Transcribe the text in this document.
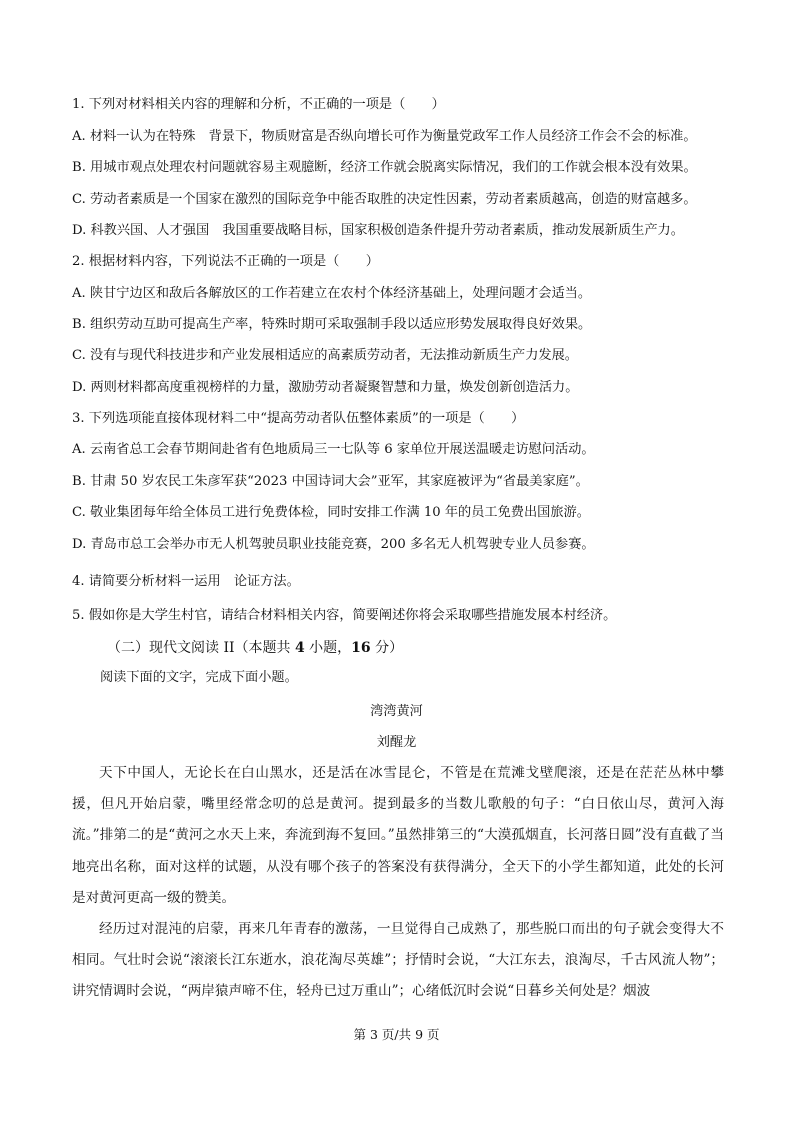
1. 下列对材料相关内容的理解和分析，不正确的一项是（　　）
A. 材料一认为在特殊　背景下，物质财富是否纵向增长可作为衡量党政军工作人员经济工作会不会的标准。
B. 用城市观点处理农村问题就容易主观臆断，经济工作就会脱离实际情况，我们的工作就会根本没有效果。
C. 劳动者素质是一个国家在激烈的国际竞争中能否取胜的决定性因素，劳动者素质越高，创造的财富越多。
D. 科教兴国、人才强国　我国重要战略目标，国家积极创造条件提升劳动者素质，推动发展新质生产力。
2. 根据材料内容，下列说法不正确的一项是（　　）
A. 陕甘宁边区和敌后各解放区的工作若建立在农村个体经济基础上，处理问题才会适当。
B. 组织劳动互助可提高生产率，特殊时期可采取强制手段以适应形势发展取得良好效果。
C. 没有与现代科技进步和产业发展相适应的高素质劳动者，无法推动新质生产力发展。
D. 两则材料都高度重视榜样的力量，激励劳动者凝聚智慧和力量，焕发创新创造活力。
3. 下列选项能直接体现材料二中“提高劳动者队伍整体素质”的一项是（　　）
A. 云南省总工会春节期间赴省有色地质局三一七队等 6 家单位开展送温暖走访慰问活动。
B. 甘肃 50 岁农民工朱彦军获“2023 中国诗词大会”亚军，其家庭被评为“省最美家庭”。
C. 敬业集团每年给全体员工进行免费体检，同时安排工作满 10 年的员工免费出国旅游。
D. 青岛市总工会举办市无人机驾驶员职业技能竞赛，200 多名无人机驾驶专业人员参赛。
4. 请简要分析材料一运用　论证方法。
5. 假如你是大学生村官，请结合材料相关内容，简要阐述你将会采取哪些措施发展本村经济。
（二）现代文阅读 II（本题共 4 小题，16 分）
阅读下面的文字，完成下面小题。
湾湾黄河
刘醒龙

天下中国人，无论长在白山黑水，还是活在冰雪昆仑，不管是在荒滩戈壁爬滚，还是在茫茫丛林中攀援，但凡开始启蒙，嘴里经常念叨的总是黄河。提到最多的当数儿歌般的句子：“白日依山尽，黄河入海流。”排第二的是“黄河之水天上来，奔流到海不复回。”虽然排第三的“大漠孤烟直，长河落日圆”没有直截了当地亮出名称，面对这样的试题，从没有哪个孩子的答案没有获得满分，全天下的小学生都知道，此处的长河是对黄河更高一级的赞美。

经历过对混沌的启蒙，再来几年青春的激荡，一旦觉得自己成熟了，那些脱口而出的句子就会变得大不相同。气壮时会说“滚滚长江东逝水，浪花淘尽英雄”；抒情时会说，“大江东去，浪淘尽，千古风流人物”；讲究情调时会说，“两岸猿声啼不住，轻舟已过万重山”；心绪低沉时会说“日暮乡关何处是？烟波

第 3 页/共 9 页
